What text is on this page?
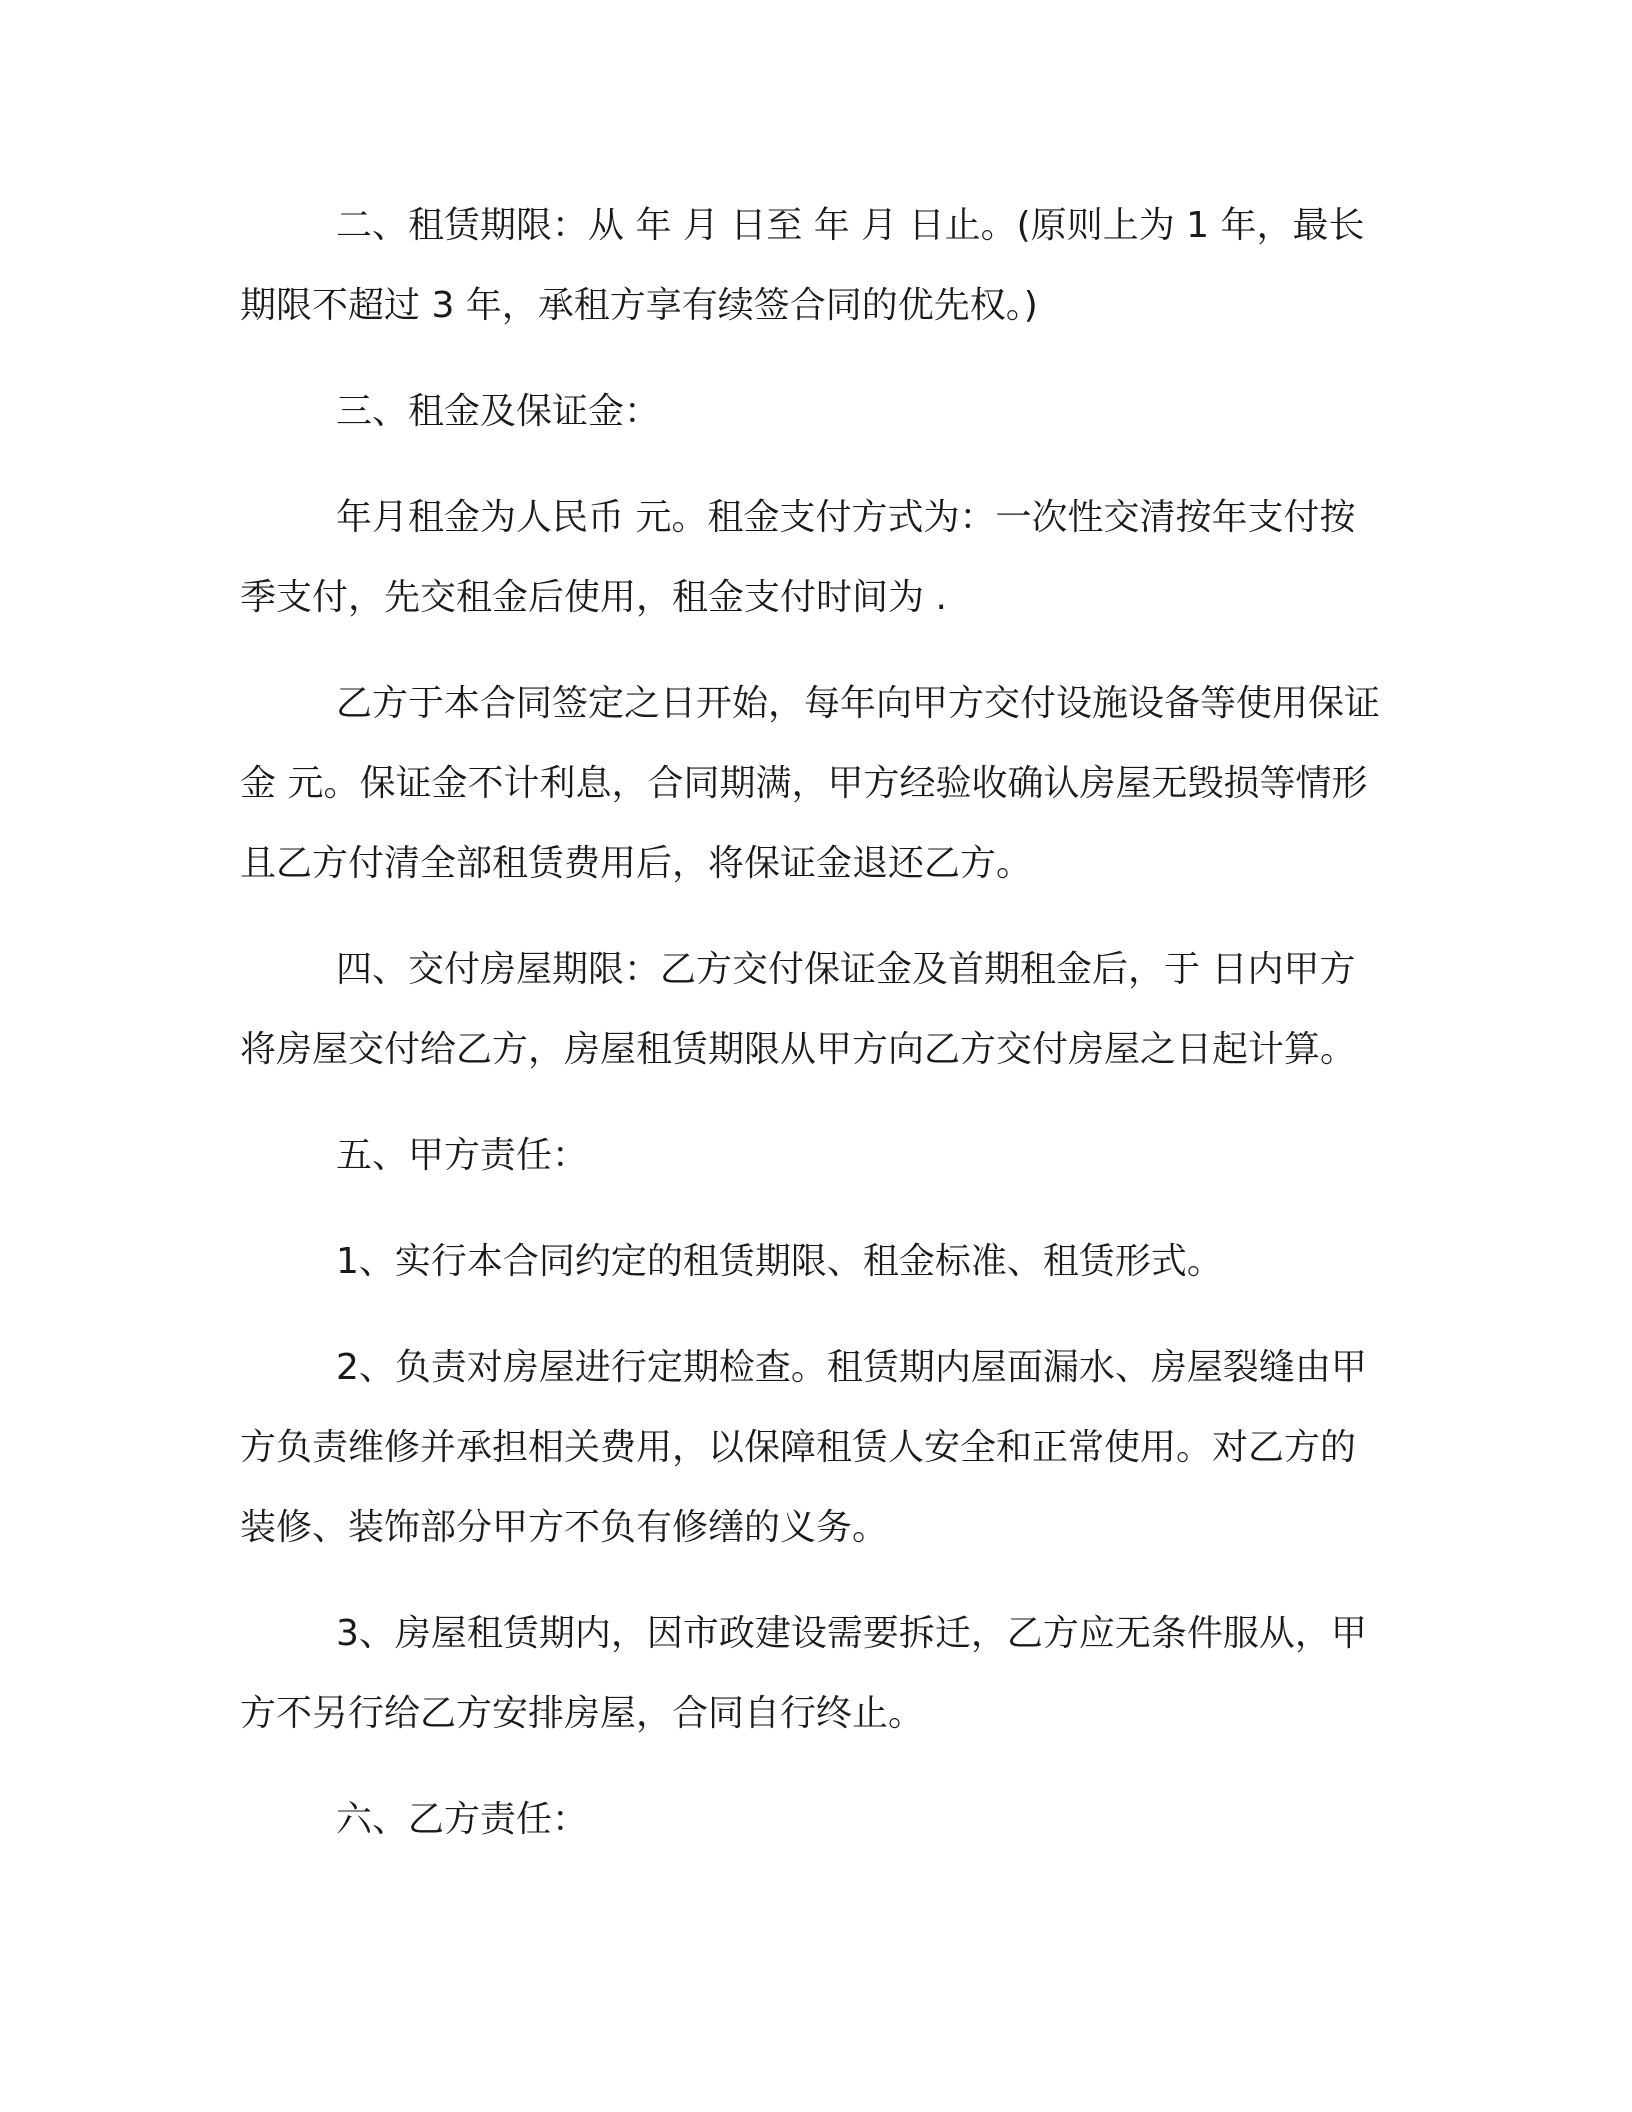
二、租赁期限：从 年 月 日至 年 月 日止。(原则上为 1 年，最长期限不超过 3 年，承租方享有续签合同的优先权。)

三、租金及保证金：

年月租金为人民币 元。租金支付方式为：一次性交清按年支付按季支付，先交租金后使用，租金支付时间为 .

乙方于本合同签定之日开始，每年向甲方交付设施设备等使用保证金 元。保证金不计利息，合同期满，甲方经验收确认房屋无毁损等情形且乙方付清全部租赁费用后，将保证金退还乙方。

四、交付房屋期限：乙方交付保证金及首期租金后，于 日内甲方将房屋交付给乙方，房屋租赁期限从甲方向乙方交付房屋之日起计算。

五、甲方责任：

1、实行本合同约定的租赁期限、租金标准、租赁形式。

2、负责对房屋进行定期检查。租赁期内屋面漏水、房屋裂缝由甲方负责维修并承担相关费用，以保障租赁人安全和正常使用。对乙方的装修、装饰部分甲方不负有修缮的义务。

3、房屋租赁期内，因市政建设需要拆迁，乙方应无条件服从，甲方不另行给乙方安排房屋，合同自行终止。

六、乙方责任：
